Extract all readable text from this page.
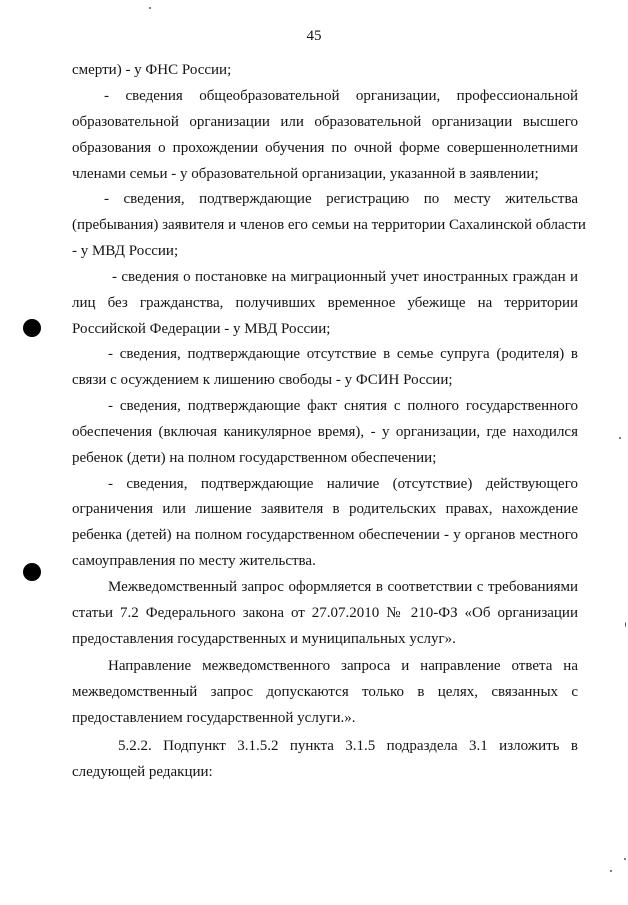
45
смерти) - у ФНС России;
- сведения общеобразовательной организации, профессиональной
образовательной организации или образовательной организации высшего
образования о прохождении обучения по очной форме совершеннолетними
членами семьи - у образовательной организации, указанной в заявлении;
- сведения, подтверждающие регистрацию по месту жительства
(пребывания) заявителя и членов его семьи на территории Сахалинской области
- у МВД России;
- сведения о постановке на миграционный учет иностранных граждан и
лиц без гражданства, получивших временное убежище на территории
Российской Федерации - у МВД России;
- сведения, подтверждающие отсутствие в семье супруга (родителя) в
связи с осуждением к лишению свободы - у ФСИН России;
- сведения, подтверждающие факт снятия с полного государственного
обеспечения (включая каникулярное время), - у организации, где находился
ребенок (дети) на полном государственном обеспечении;
- сведения, подтверждающие наличие (отсутствие) действующего
ограничения или лишение заявителя в родительских правах, нахождение
ребенка (детей) на полном государственном обеспечении - у органов местного
самоуправления по месту жительства.
Межведомственный запрос оформляется в соответствии с требованиями
статьи 7.2 Федерального закона от 27.07.2010 № 210-ФЗ «Об организации
предоставления государственных и муниципальных услуг».
Направление межведомственного запроса и направление ответа на
межведомственный запрос допускаются только в целях, связанных с
предоставлением государственной услуги.».
5.2.2. Подпункт 3.1.5.2 пункта 3.1.5 подраздела 3.1 изложить в
следующей редакции:
